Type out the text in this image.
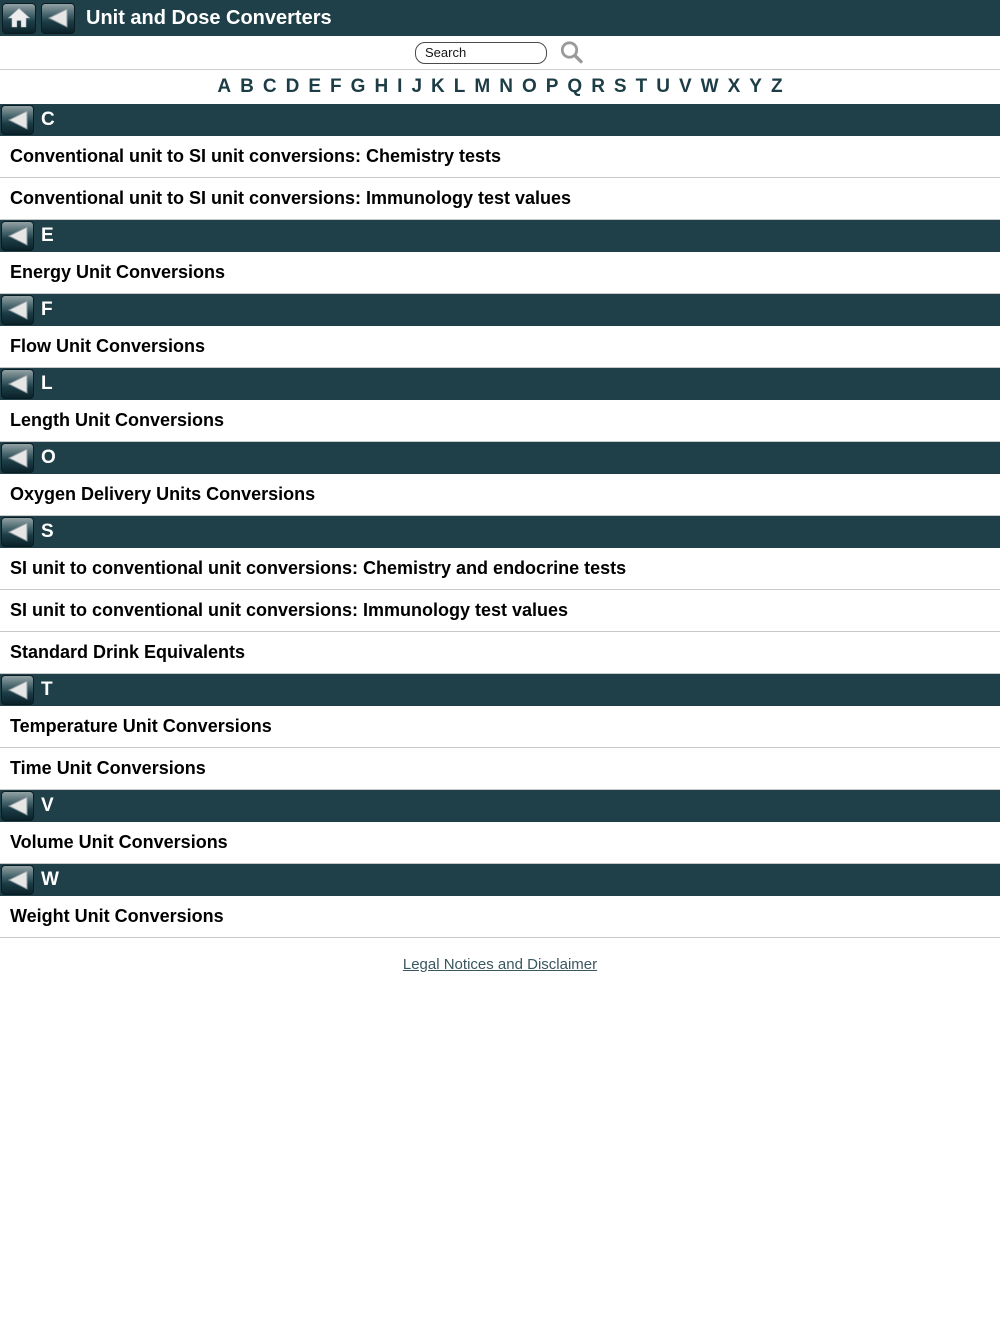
Unit and Dose Converters
Search
A B C D E F G H I J K L M N O P Q R S T U V W X Y Z
C
Conventional unit to SI unit conversions: Chemistry tests
Conventional unit to SI unit conversions: Immunology test values
E
Energy Unit Conversions
F
Flow Unit Conversions
L
Length Unit Conversions
O
Oxygen Delivery Units Conversions
S
SI unit to conventional unit conversions: Chemistry and endocrine tests
SI unit to conventional unit conversions: Immunology test values
Standard Drink Equivalents
T
Temperature Unit Conversions
Time Unit Conversions
V
Volume Unit Conversions
W
Weight Unit Conversions
Legal Notices and Disclaimer
